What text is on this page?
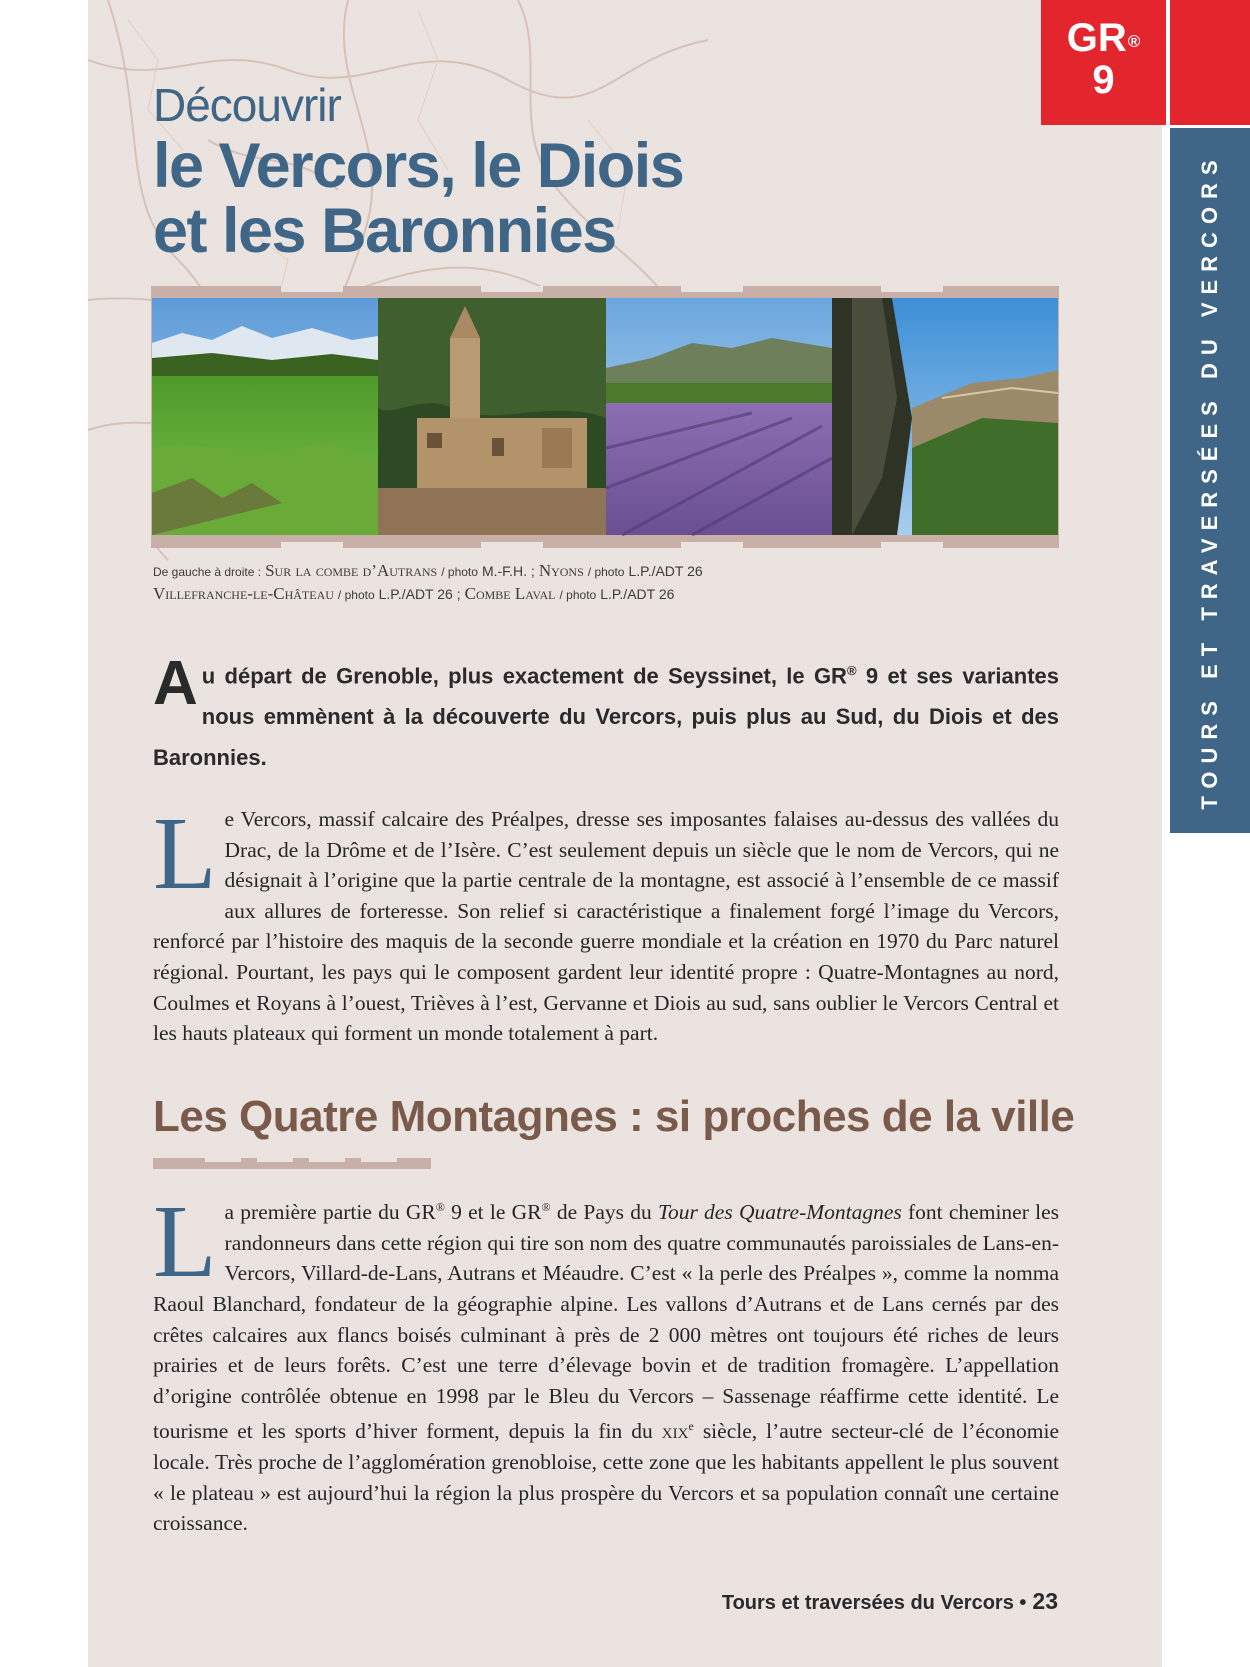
GR®
9
TOURS ET TRAVERSÉES DU VERCORS
Découvrir
le Vercors, le Diois
et les Baronnies
De gauche à droite : Sur la combe d’Autrans / photo M.-F.H. ; Nyons / photo L.P./ADT 26
Villefranche-le-Château / photo L.P./ADT 26 ; Combe Laval / photo L.P./ADT 26

Au départ de Grenoble, plus exactement de Seyssinet, le GR® 9 et ses variantes nous emmènent à la découverte du Vercors, puis plus au Sud, du Diois et des Baronnies.

Le Vercors, massif calcaire des Préalpes, dresse ses imposantes falaises au-dessus des vallées du Drac, de la Drôme et de l’Isère. C’est seulement depuis un siècle que le nom de Vercors, qui ne désignait à l’origine que la partie centrale de la montagne, est associé à l’ensemble de ce massif aux allures de forteresse. Son relief si caractéristique a finalement forgé l’image du Vercors, renforcé par l’histoire des maquis de la seconde guerre mondiale et la création en 1970 du Parc naturel régional. Pourtant, les pays qui le composent gardent leur identité propre : Quatre-Montagnes au nord, Coulmes et Royans à l’ouest, Trièves à l’est, Gervanne et Diois au sud, sans oublier le Vercors Central et les hauts plateaux qui forment un monde totalement à part.

Les Quatre Montagnes : si proches de la ville

La première partie du GR® 9 et le GR® de Pays du Tour des Quatre-Montagnes font cheminer les randonneurs dans cette région qui tire son nom des quatre communautés paroissiales de Lans-en-Vercors, Villard-de-Lans, Autrans et Méaudre. C’est « la perle des Préalpes », comme la nomma Raoul Blanchard, fondateur de la géographie alpine. Les vallons d’Autrans et de Lans cernés par des crêtes calcaires aux flancs boisés culminant à près de 2 000 mètres ont toujours été riches de leurs prairies et de leurs forêts. C’est une terre d’élevage bovin et de tradition fromagère. L’appellation d’origine contrôlée obtenue en 1998 par le Bleu du Vercors – Sassenage réaffirme cette identité. Le tourisme et les sports d’hiver forment, depuis la fin du xix$^e$ siècle, l’autre secteur-clé de l’économie locale. Très proche de l’agglomération grenobloise, cette zone que les habitants appellent le plus souvent « le plateau » est aujourd’hui la région la plus prospère du Vercors et sa population connaît une certaine croissance.

Tours et traversées du Vercors • 23
